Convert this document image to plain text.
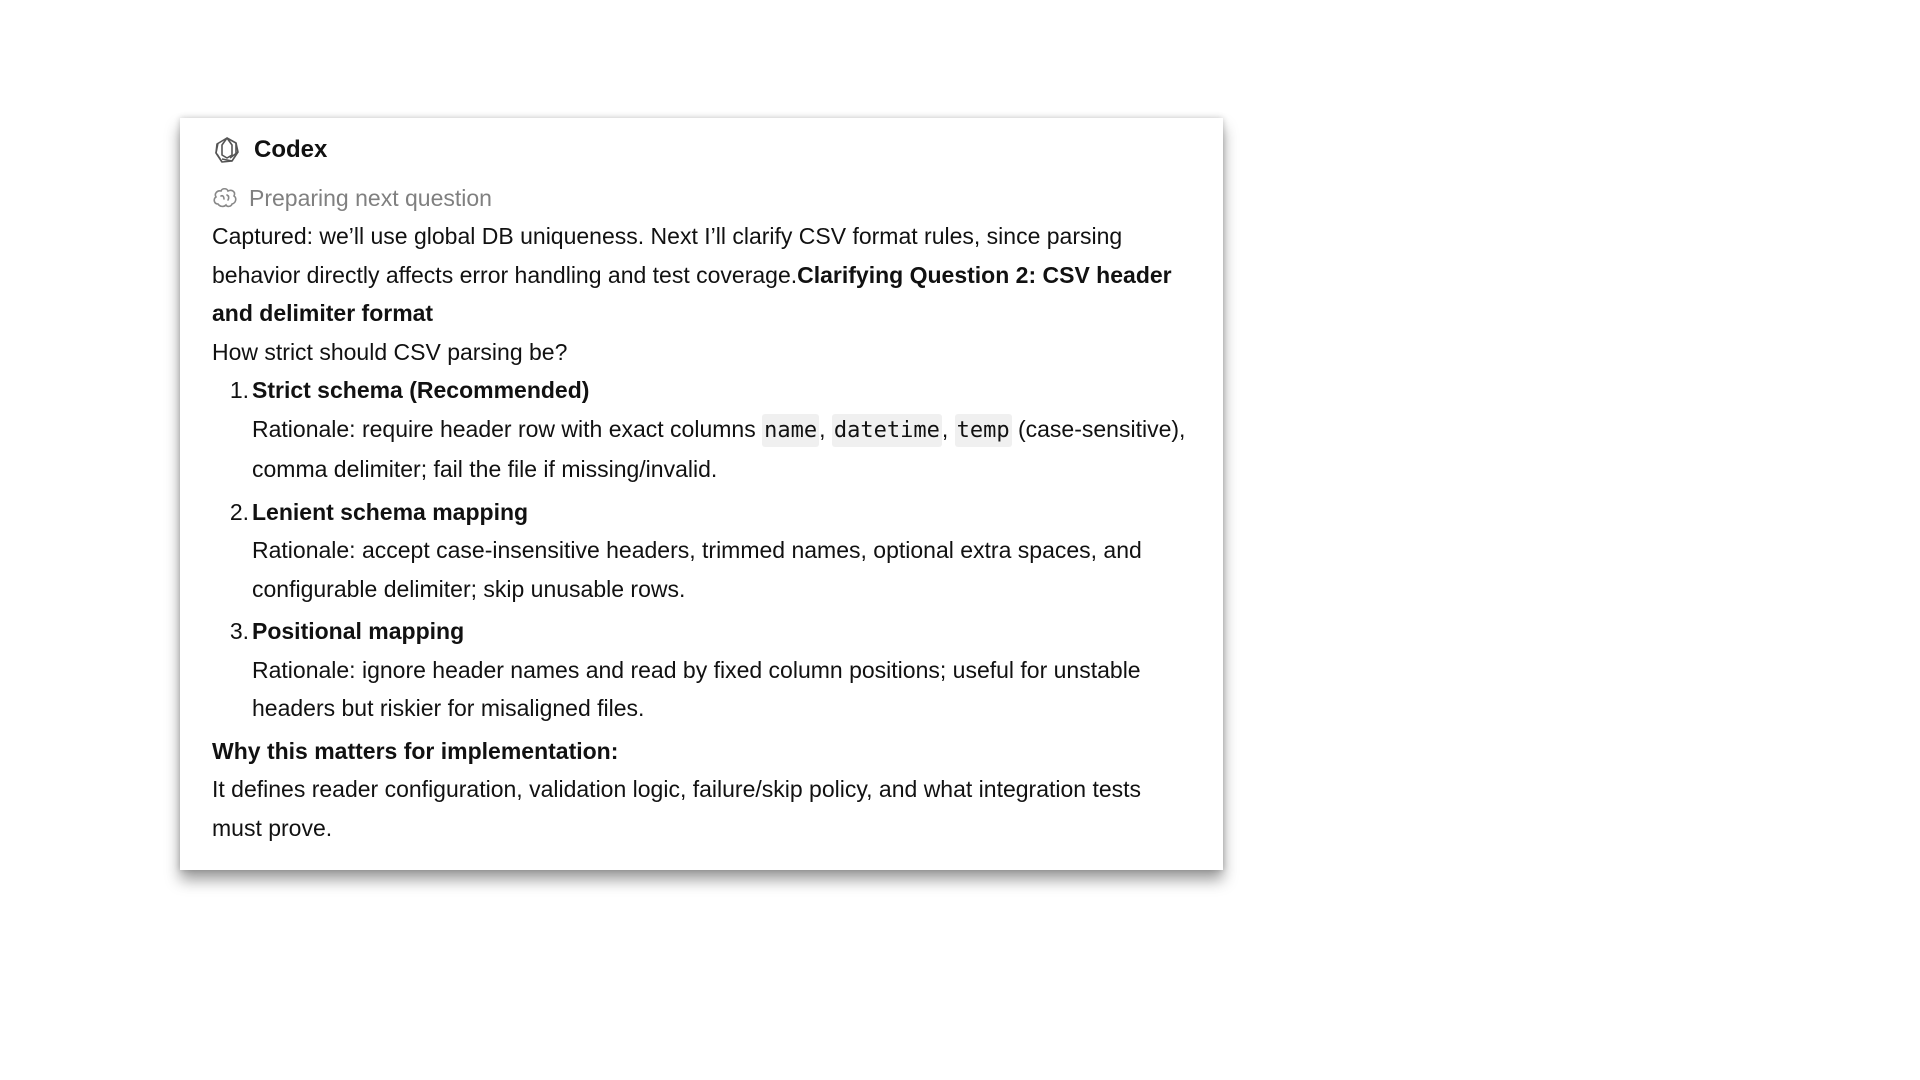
Codex
Preparing next question

Captured: we’ll use global DB uniqueness. Next I’ll clarify CSV format rules, since parsing behavior directly affects error handling and test coverage.Clarifying Question 2: CSV header and delimiter format

How strict should CSV parsing be?

1. Strict schema (Recommended)
Rationale: require header row with exact columns name, datetime, temp (case-sensitive), comma delimiter; fail the file if missing/invalid.
2. Lenient schema mapping
Rationale: accept case-insensitive headers, trimmed names, optional extra spaces, and configurable delimiter; skip unusable rows.
3. Positional mapping
Rationale: ignore header names and read by fixed column positions; useful for unstable headers but riskier for misaligned files.

Why this matters for implementation:

It defines reader configuration, validation logic, failure/skip policy, and what integration tests must prove.
